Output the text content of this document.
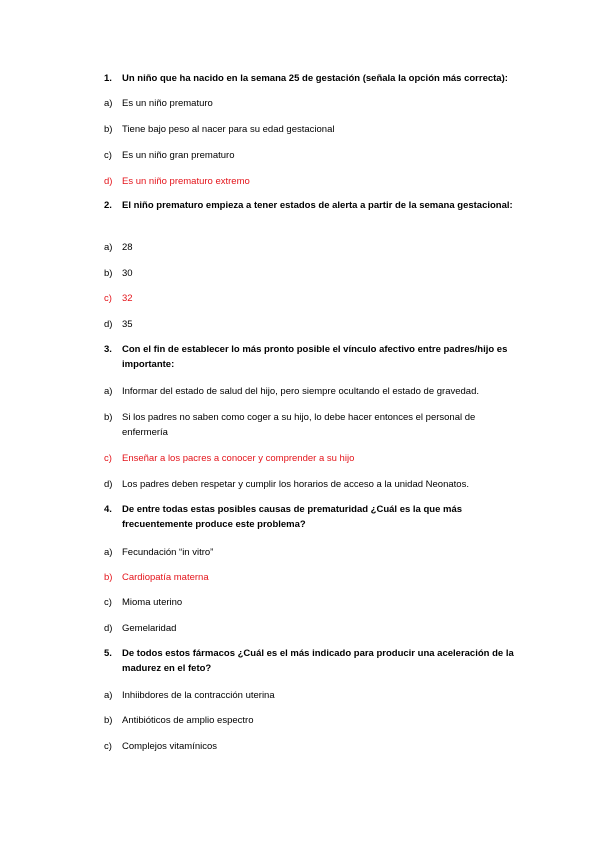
1. Un niño que ha nacido en la semana 25 de gestación (señala la opción más correcta):
a) Es un niño prematuro
b) Tiene bajo peso al nacer para su edad gestacional
c) Es un niño gran prematuro
d) Es un niño prematuro extremo
2. El niño prematuro empieza a tener estados de alerta a partir de la semana gestacional:
a) 28
b) 30
c) 32
d) 35
3. Con el fin de establecer lo más pronto posible el vínculo afectivo entre padres/hijo es importante:
a) Informar del estado de salud del hijo, pero siempre ocultando el estado de gravedad.
b) Si los padres no saben como coger a su hijo, lo debe hacer entonces el personal de enfermería
c) Enseñar a los pacres a conocer y comprender a su hijo
d) Los padres deben respetar y cumplir los horarios de acceso a la unidad Neonatos.
4. De entre todas estas posibles causas de prematuridad ¿Cuál es la que más frecuentemente produce este problema?
a) Fecundación “in vitro”
b) Cardiopatía materna
c) Mioma uterino
d) Gemelaridad
5. De todos estos fármacos ¿Cuál es el más indicado para producir una aceleración de la madurez en el feto?
a) Inhiibdores de la contracción uterina
b) Antibióticos de amplio espectro
c) Complejos vitamínicos
